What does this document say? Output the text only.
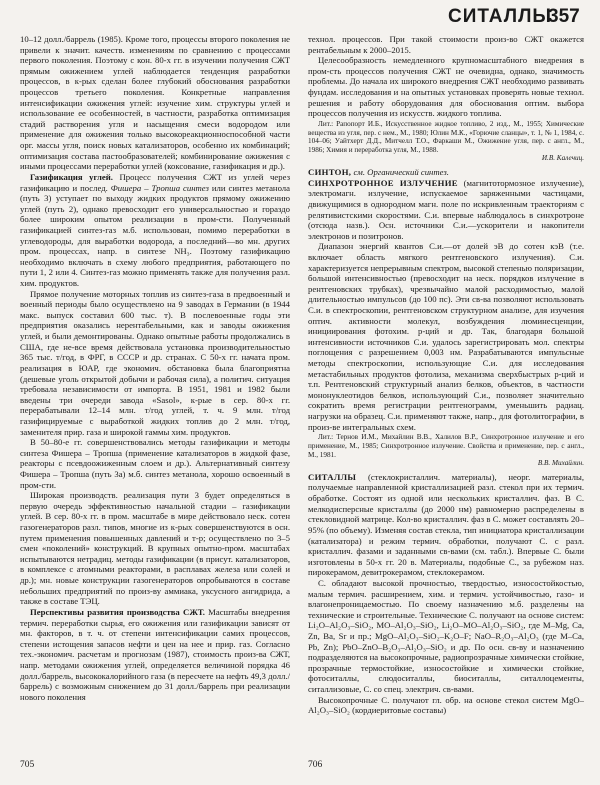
СИТАЛЛЫ
357

10–12 долл./баррель (1985). Кроме того, процессы второго поколения не привели к значит. качеств. изменениям по сравнению с процессами первого поколения. Поэтому с кон. 80-х гг. в изучении получения СЖТ прямым ожижением углей наблюдается тенденция разработки процессов, в к-рых сделан более глубокий обоснования разработки процессов третьего поколения. Конкретные направления интенсификации ожижения углей: изучение хим. структуры углей и использование ее особенностей, в частности, разработка оптимизация стадий растворения угля и насыщения смеси водородом или применение для ожижения только высокореакционноспособной части орг. массы угля, поиск новых катализаторов, особенно их комбинаций; оптимизация состава пастообразователей; комбинирование ожижения с иными процессами переработки углей (коксование, газификация и др.).

Газификация углей. Процесс получения СЖТ из углей через газификацию и послед. Фишера – Тропша синтез или синтез метанола (путь 3) уступает по выходу жидких продуктов прямому ожижению углей (путь 2), однако превосходит его универсальностью и гораздо более широким опытом реализации в пром-сти. Полученный газификацией синтез-газ м.б. использован, помимо переработки в углеводороды, для выработки водорода, а последний—во мн. других пром. процессах, напр. в синтезе NH₃. Поэтому газификацию необходимо включать в схему любого предприятия, работающего по пути 1, 2 или 4. Синтез-газ можно применять также для получения разл. хим. продуктов.

Прямое получение моторных топлив из синтез-газа в предвоенный и военный периоды было осуществлено на 9 заводах в Германии (в 1944 макс. выпуск составил 600 тыс. т). В послевоенные годы эти предприятия оказались нерентабельными, как и заводы ожижения углей, и были демонтированы. Однако опытные работы продолжались в США, где не-все время действовала установка производительностью 365 тыс. т/год, в ФРГ, в СССР и др. странах. С 50-х гг. начата пром. реализация в ЮАР, где экономич. обстановка была благоприятна (дешевые уголь открытой добычи и рабочая сила), а политич. ситуация требовала независимости от импорта. В 1951, 1981 и 1982 были введены три очереди завода «Sasol», к-рые в сер. 80-х гг. перерабатывали 12–14 млн. т/год углей, т. ч. 9 млн. т/год газифицируемые с выработкой жидких топлив до 2 млн. т/год, заменителя прир. газа и широкой гаммы хим. продуктов.

В 50–80-е гг. совершенствовались методы газификации и методы синтеза Фишера – Тропша (применение катализаторов в жидкой фазе, реакторы с псевдоожиженным слоем и др.). Альтернативный синтезу Фишера – Тропша (путь 3а) м.б. синтез метанола, хорошо освоенный в пром-сти.

Широкая производств. реализация пути 3 будет определяться в первую очередь эффективностью начальной стадии – газификации углей. В сер. 80-х гг. в пром. масштабе в мире действовало неск. сотен газогенераторов разл. типов, многие из к-рых совершенствуются в осн. путем применения повышенных давлений и т-р; осуществлено по 3–5 смен «поколений» конструкций. В крупных опытно-пром. масштабах испытываются нетрадиц. методы газификации (в присут. катализаторов, в комплексе с атомными реакторами, в расплавах железа или солей и др.); мн. новые конструкции газогенераторов опробываются в составе небольших предприятий по произ-ву аммиака, уксусного ангидрида, а также в составе ТЭЦ.

Перспективы развития производства СЖТ. Масштабы внедрения термич. переработки сырья, его ожижения или газификации зависят от мн. факторов, в т. ч. от степени интенсификации самих процессов, степени истощения запасов нефти и цен на нее и прир. газ. Согласно тех.-экономич. расчетам и прогнозам (1987), стоимость произ-ва СЖТ, напр. методами ожижения углей, определяется величиной порядка 46 долл./баррель, высококалорийного газа (в пересчете на нефть 49,3 долл./баррель) с возможным снижением до 31 долл./баррель при реализации нового поколения

технол. процессов. При такой стоимости произ-во СЖТ окажется рентабельным к 2000–2015.

Целесообразность немедленного крупномасштабного внедрения в пром-сть процессов получения СЖТ не очевидна, однако, значимость проблемы. До начала их широкого внедрения СЖТ необходимо развивать фундам. исследования и на опытных установках проверять новые технол. решения и работу оборудования для обоснования оптим. выбора процессов получения из искусств. жидкого топлива.

Лит.: Рапопорт И.Б., Искусственное жидкое топливо, 2 изд., М., 1955; Химические вещества из угля, пер. с нем., М., 1980; Юлин М.К., «Горючие сланцы», т. 1, № 1, 1984, с. 104–06; Уайтхерт Д.Д., Митчелл Т.О., Фаркаши М., Ожижение угля, пер. с англ., М., 1986; Химия и переработка угля, М., 1988.
И.В. Калечиц.

СИНТОН, см. Органический синтез.

СИНХРОТРОННОЕ ИЗЛУЧЕНИЕ (магнитотормозное излучение), электромагн. излучение, испускаемое заряженными частицами, движущимися в однородном магн. поле по искривленным траекториям с релятивистскими скоростями. С.и. впервые наблюдалось в синхротроне (отсюда назв.). Осн. источники С.и.—ускорители и накопители электронов и позитронов.

Диапазон энергий квантов С.и.—от долей эВ до сотен кэВ (т.е. включает область мягкого рентгеновского излучения). С.и. характеризуется непрерывным спектром, высокой степенью поляризации, большой интенсивностью (превосходит на неск. порядков излучение в рентгеновских трубках), чрезвычайно малой расходимостью, малой длительностью импульсов (до 100 пс). Эти св-ва позволяют использовать С.и. в спектроскопии, рентгеновском структурном анализе, для изучения оптич. активности молекул, возбуждения люминесценции, инициирования фотохим. р-ций и др. Так, благодаря большой интенсивности источников С.и. удалось зарегистрировать мол. спектры поглощения с разрешением 0,003 нм. Разрабатываются импульсные методы спектроскопии, использующие С.и. для исследования метастабильных продуктов фотолиза, механизма сверхбыстрых р-ций и т.п. Рентгеновский структурный анализ белков, объектов, в частности мононуклеотидов белков, использующий С.и., позволяет значительно сократить время регистрации рентгенограмм, уменьшить радиац. нагрузки на образец. С.и. применяют также, напр., для фотолитографии, в произ-ве интегральных схем.

Лит.: Тернов И.М., Михайлин В.В., Халилов В.Р., Синхротронное излучение и его применение, М., 1985; Синхротронное излучение. Свойства и применение, пер. с англ., М., 1981.
В.В. Михайлин.

СИТАЛЛЫ (стеклокристаллич. материалы), неорг. материалы, получаемые направленной кристаллизацией разл. стекол при их термич. обработке. Состоят из одной или нескольких кристаллич. фаз. В С. мелкодисперсные кристаллы (до 2000 нм) равномерно распределены в стекловидной матрице. Кол-во кристаллич. фаз в С. может составлять 20–95% (по объему). Изменяя состав стекла, тип инициатора кристаллизации (катализатора) и режим термич. обработки, получают С. с разл. кристаллич. фазами и заданными св-вами (см. табл.). Впервые С. были изготовлены в 50-х гг. 20 в. Материалы, подобные С., за рубежом наз. пирокерамом, девитрокерамом, стеклокерамом.

С. обладают высокой прочностью, твердостью, износостойкостью, малым термич. расширением, хим. и термич. устойчивостью, газо- и влагонепроницаемостью. По своему назначению м.б. разделены на технические и строительные. Технические С. получают на основе систем: Li₂O–Al₂O₃–SiO₂, MO–Al₂O₃–SiO₂, Li₂O–MO–Al₂O₃–SiO₂, где M–Mg, Ca, Zn, Ba, Sr и пр.; MgO–Al₂O₃–SiO₂–K₂O–F; NaO–R₂O₃–Al₂O₃ (где M–Ca, Pb, Zn); PbO–ZnO–B₂O₃–Al₂O₃–SiO₂ и др. По осн. св-ву и назначению подразделяются на высокопрочные, радиопрозрачные химически стойкие, прозрачные термостойкие, износостойкие и химически стойкие, фотоситаллы, слюдоситаллы, биоситаллы, ситаллоцементы, ситаллизовые, С. со спец. электрич. св-вами.

Высокопрочные С. получают гл. обр. на основе стекол систем MgO–Al₂O₃–SiO₂ (кордиеритовые составы)

705	706
